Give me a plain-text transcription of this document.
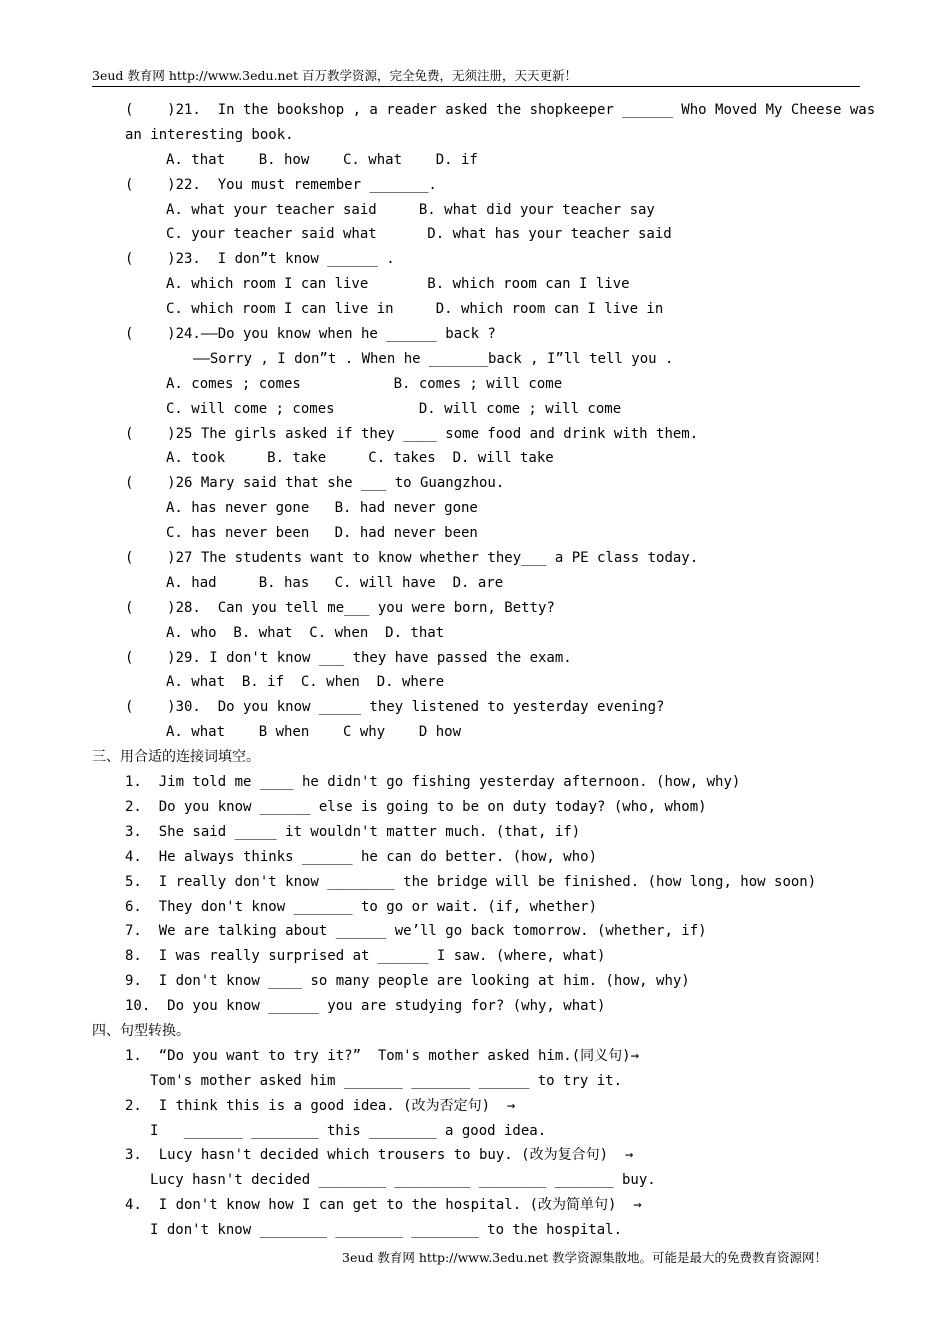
3eud 教育网 http://www.3edu.net 百万教学资源，完全免费，无须注册，天天更新！
(    )21.  In the bookshop , a reader asked the shopkeeper ______ Who Moved My Cheese was
an interesting book.
A. that    B. how    C. what    D. if
(    )22.  You must remember _______.
A. what your teacher said     B. what did your teacher say
C. your teacher said what      D. what has your teacher said
(    )23.  I don”t know ______ .
A. which room I can live       B. which room can I live
C. which room I can live in     D. which room can I live in
(    )24.——Do you know when he ______ back ?
——Sorry , I don”t . When he _______back , I”ll tell you .
A. comes ; comes           B. comes ; will come
C. will come ; comes          D. will come ; will come
(    )25 The girls asked if they ____ some food and drink with them.
A. took     B. take     C. takes  D. will take
(    )26 Mary said that she ___ to Guangzhou.
A. has never gone   B. had never gone
C. has never been   D. had never been
(    )27 The students want to know whether they___ a PE class today.
A. had     B. has   C. will have  D. are
(    )28.  Can you tell me___ you were born, Betty?
A. who  B. what  C. when  D. that
(    )29. I don't know ___ they have passed the exam.
A. what  B. if  C. when  D. where
(    )30.  Do you know _____ they listened to yesterday evening?
A. what    B when    C why    D how
三、用合适的连接词填空。
1.  Jim told me ____ he didn't go fishing yesterday afternoon. (how, why)
2.  Do you know ______ else is going to be on duty today? (who, whom)
3.  She said _____ it wouldn't matter much. (that, if)
4.  He always thinks ______ he can do better. (how, who)
5.  I really don't know ________ the bridge will be finished. (how long, how soon)
6.  They don't know _______ to go or wait. (if, whether)
7.  We are talking about ______ we’ll go back tomorrow. (whether, if)
8.  I was really surprised at ______ I saw. (where, what)
9.  I don't know ____ so many people are looking at him. (how, why)
10.  Do you know ______ you are studying for? (why, what)
四、句型转换。
1.  “Do you want to try it?”  Tom's mother asked him.(同义句)→
Tom's mother asked him _______ _______ ______ to try it.
2.  I think this is a good idea. (改为否定句)  →
I   _______ ________ this ________ a good idea.
3.  Lucy hasn't decided which trousers to buy. (改为复合句)  →
Lucy hasn't decided ________ _________ ________ _______ buy.
4.  I don't know how I can get to the hospital. (改为简单句)  →
I don't know ________ ________ ________ to the hospital.
3eud 教育网 http://www.3edu.net 教学资源集散地。可能是最大的免费教育资源网！
